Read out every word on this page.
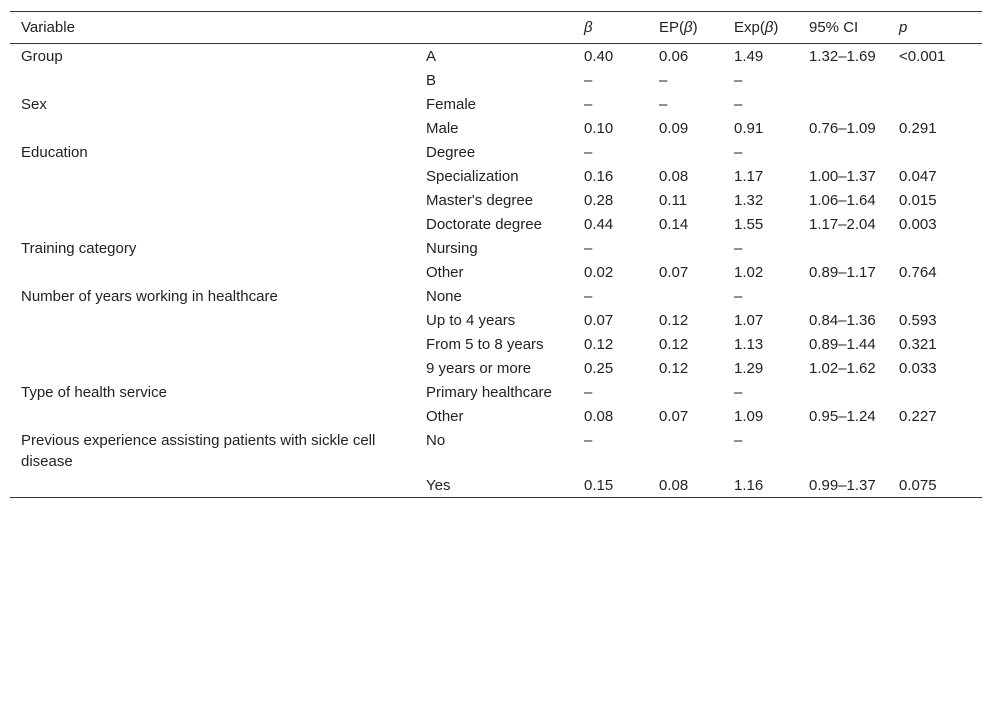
Variable		β	EP(β)	Exp(β)	95% CI	p
Group	A	0.40	0.06	1.49	1.32–1.69	<0.001
	B	–	–	–		
Sex	Female	–	–	–		
	Male	0.10	0.09	0.91	0.76–1.09	0.291
Education	Degree	–		–		
	Specialization	0.16	0.08	1.17	1.00–1.37	0.047
	Master's degree	0.28	0.11	1.32	1.06–1.64	0.015
	Doctorate degree	0.44	0.14	1.55	1.17–2.04	0.003
Training category	Nursing	–		–		
	Other	0.02	0.07	1.02	0.89–1.17	0.764
Number of years working in healthcare	None	–		–		
	Up to 4 years	0.07	0.12	1.07	0.84–1.36	0.593
	From 5 to 8 years	0.12	0.12	1.13	0.89–1.44	0.321
	9 years or more	0.25	0.12	1.29	1.02–1.62	0.033
Type of health service	Primary healthcare	–		–		
	Other	0.08	0.07	1.09	0.95–1.24	0.227
Previous experience assisting patients with sickle cell disease	No	–		–		
	Yes	0.15	0.08	1.16	0.99–1.37	0.075
